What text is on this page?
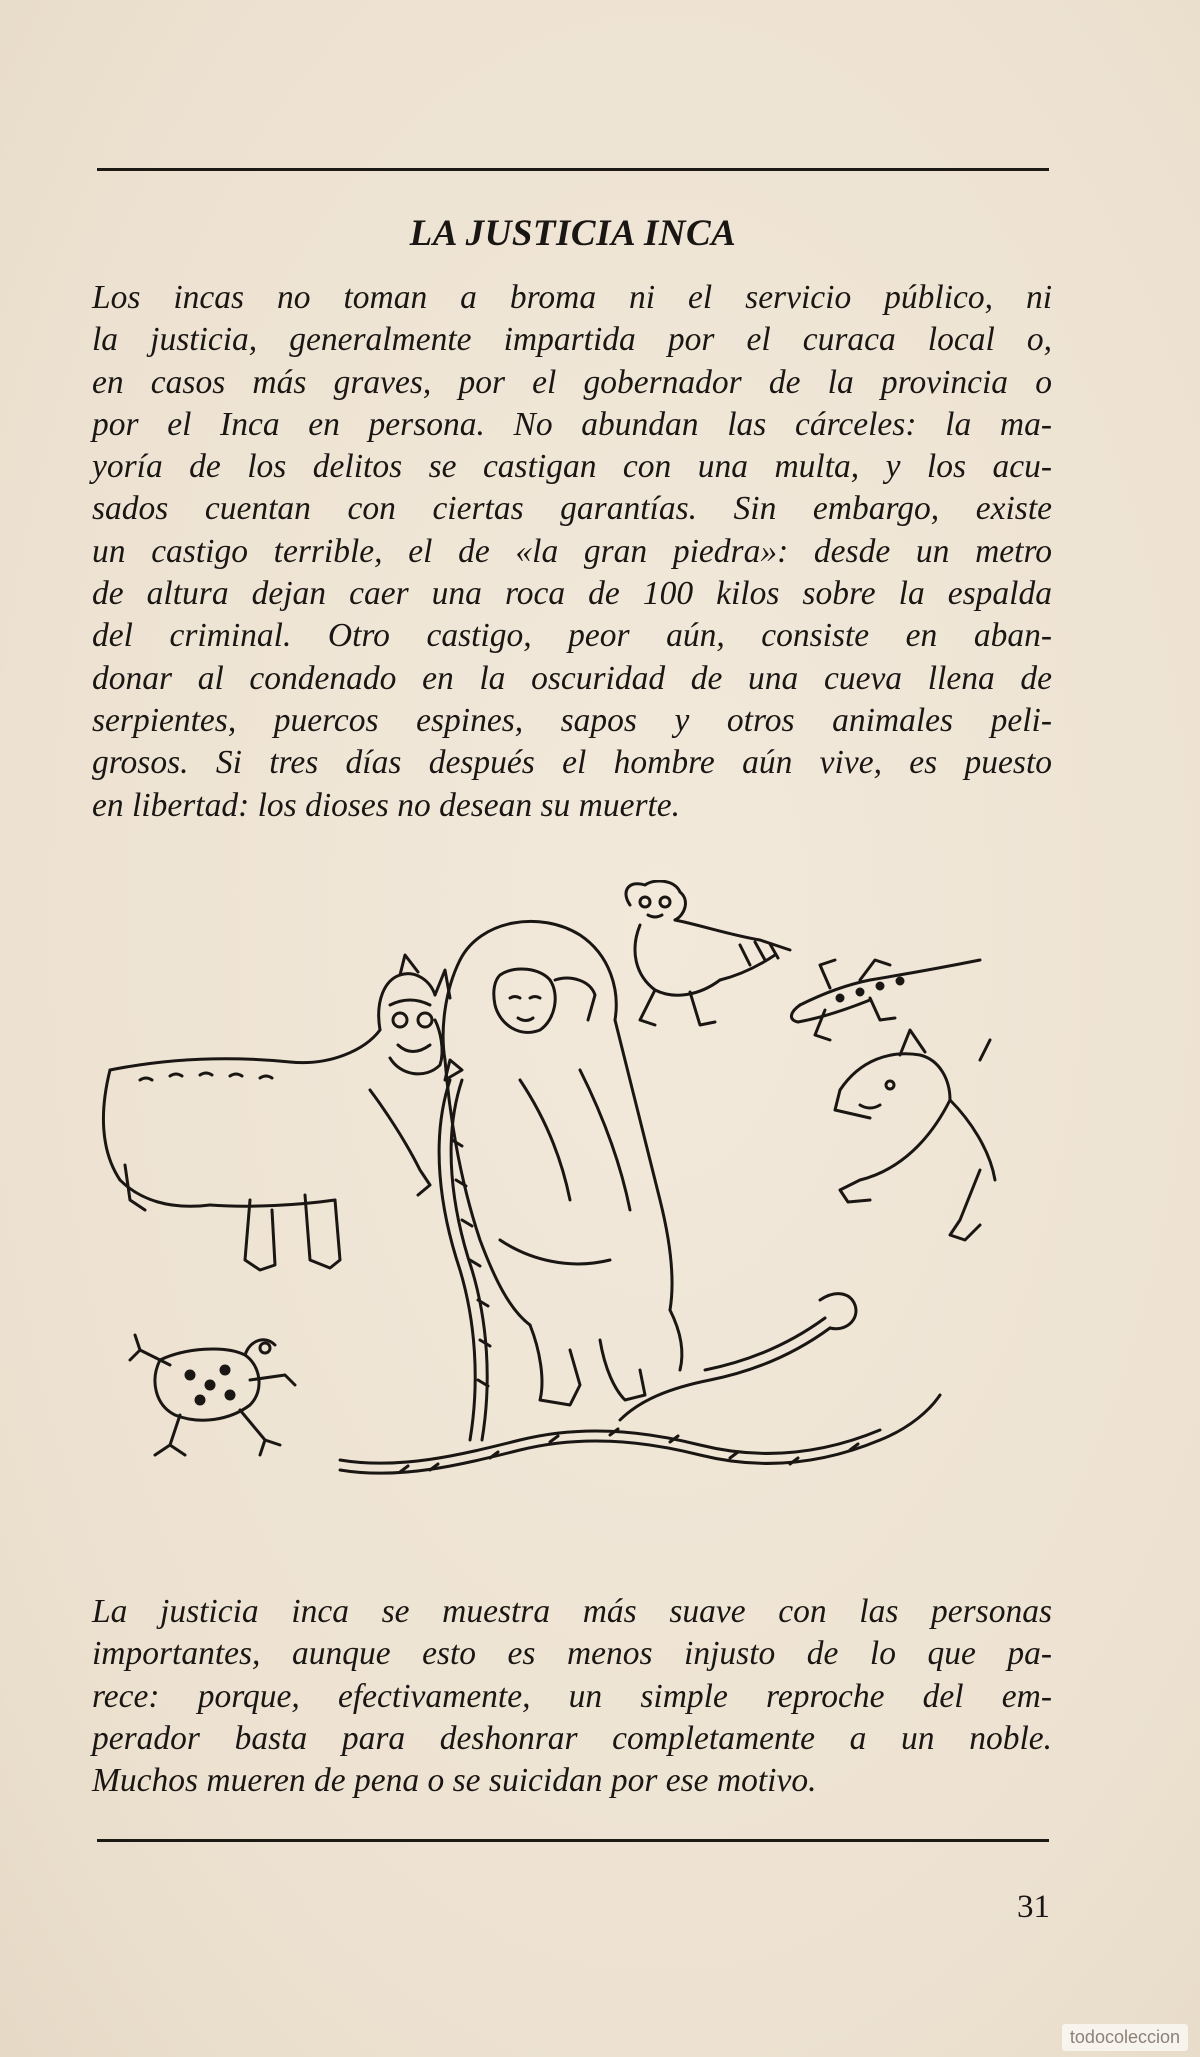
LA JUSTICIA INCA

Los incas no toman a broma ni el servicio público, ni
la justicia, generalmente impartida por el curaca local o,
en casos más graves, por el gobernador de la provincia o
por el Inca en persona. No abundan las cárceles: la ma-
yoría de los delitos se castigan con una multa, y los acu-
sados cuentan con ciertas garantías. Sin embargo, existe
un castigo terrible, el de «la gran piedra»: desde un metro
de altura dejan caer una roca de 100 kilos sobre la espalda
del criminal. Otro castigo, peor aún, consiste en aban-
donar al condenado en la oscuridad de una cueva llena de
serpientes, puercos espines, sapos y otros animales peli-
grosos. Si tres días después el hombre aún vive, es puesto
en libertad: los dioses no desean su muerte.

La justicia inca se muestra más suave con las personas
importantes, aunque esto es menos injusto de lo que pa-
rece: porque, efectivamente, un simple reproche del em-
perador basta para deshonrar completamente a un noble.
Muchos mueren de pena o se suicidan por ese motivo.

31

todocoleccion
